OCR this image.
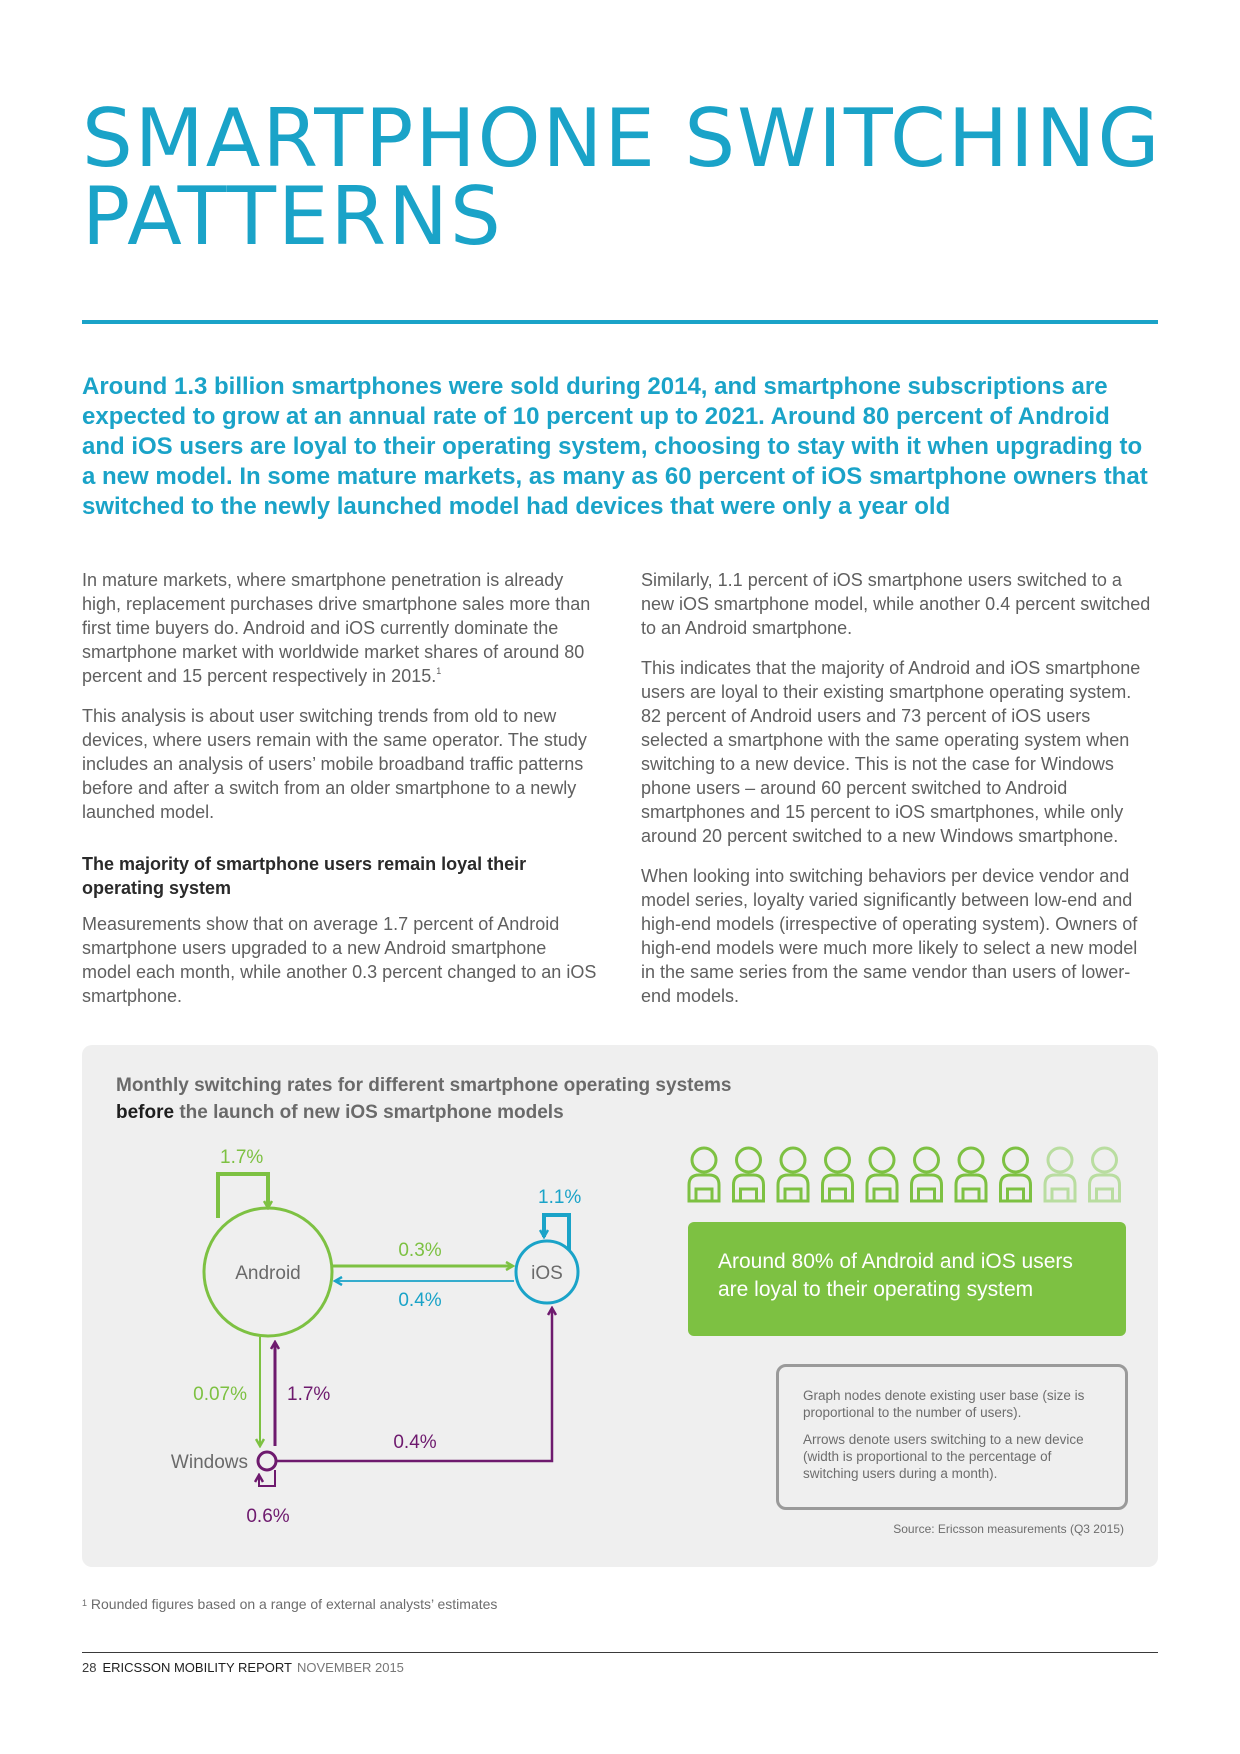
SMARTPHONE SWITCHING
PATTERNS

Around 1.3 billion smartphones were sold during 2014, and smartphone subscriptions are expected to grow at an annual rate of 10 percent up to 2021. Around 80 percent of Android and iOS users are loyal to their operating system, choosing to stay with it when upgrading to a new model. In some mature markets, as many as 60 percent of iOS smartphone owners that switched to the newly launched model had devices that were only a year old

In mature markets, where smartphone penetration is already high, replacement purchases drive smartphone sales more than first time buyers do. Android and iOS currently dominate the smartphone market with worldwide market shares of around 80 percent and 15 percent respectively in 2015.$^1$

This analysis is about user switching trends from old to new devices, where users remain with the same operator. The study includes an analysis of users’ mobile broadband traffic patterns before and after a switch from an older smartphone to a newly launched model.

The majority of smartphone users remain loyal their operating system

Measurements show that on average 1.7 percent of Android smartphone users upgraded to a new Android smartphone model each month, while another 0.3 percent changed to an iOS smartphone.

Similarly, 1.1 percent of iOS smartphone users switched to a new iOS smartphone model, while another 0.4 percent switched to an Android smartphone.

This indicates that the majority of Android and iOS smartphone users are loyal to their existing smartphone operating system. 82 percent of Android users and 73 percent of iOS users selected a smartphone with the same operating system when switching to a new device. This is not the case for Windows phone users – around 60 percent switched to Android smartphones and 15 percent to iOS smartphones, while only around 20 percent switched to a new Windows smartphone.

When looking into switching behaviors per device vendor and model series, loyalty varied significantly between low-end and high-end models (irrespective of operating system). Owners of high-end models were much more likely to select a new model in the same series from the same vendor than users of lower-end models.

Monthly switching rates for different smartphone operating systems before the launch of new iOS smartphone models

1.7%
Android	iOS
1.1%
0.3%
0.4%
0.07% 1.7%
Windows
0.4%
0.6%
Around 80% of Android and iOS users are loyal to their operating system

Graph nodes denote existing user base (size is proportional to the number of users).

Arrows denote users switching to a new device (width is proportional to the percentage of switching users during a month).

Source: Ericsson measurements (Q3 2015)
$^1$ Rounded figures based on a range of external analysts’ estimates
28 ERICSSON MOBILITY REPORT NOVEMBER 2015
